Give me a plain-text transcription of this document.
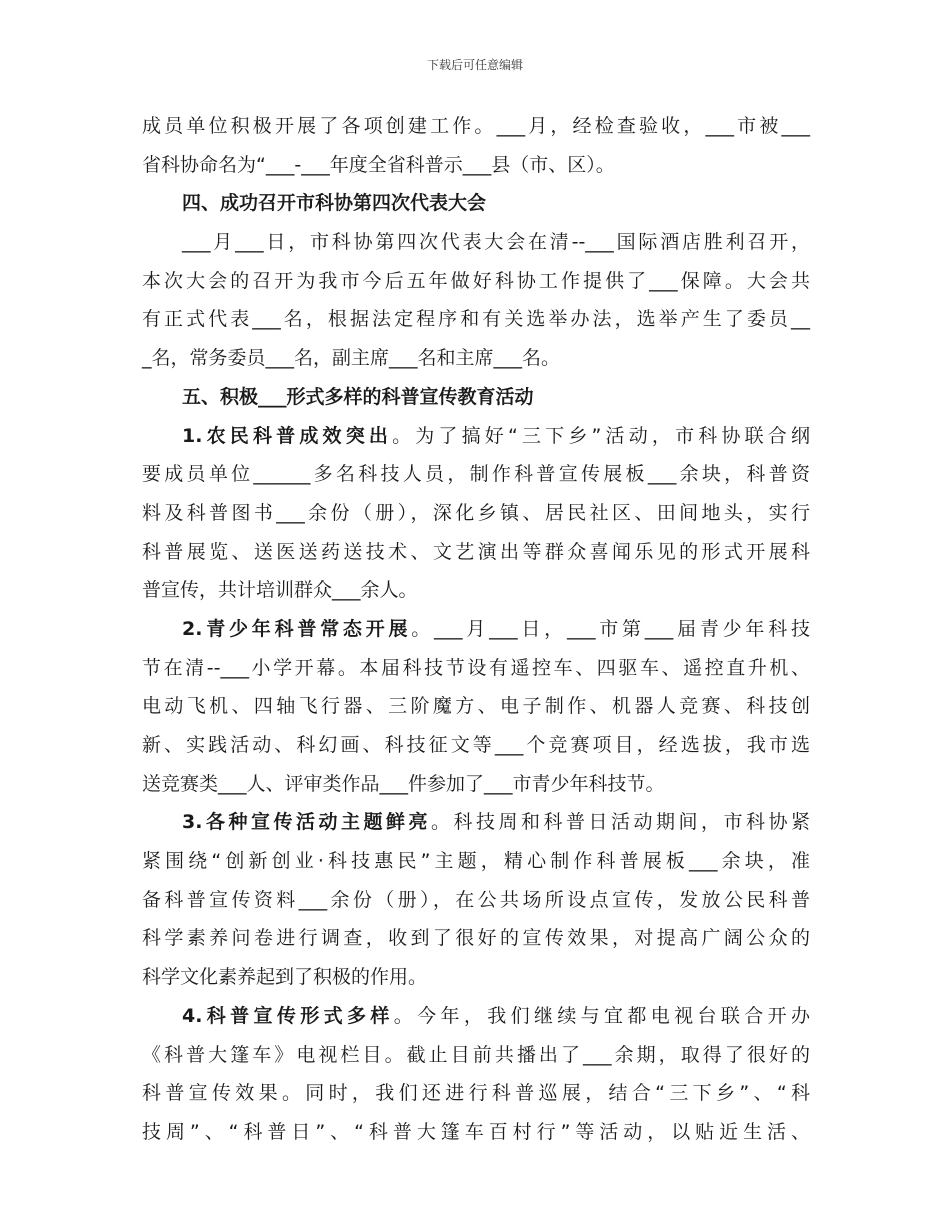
下载后可任意编辑
成员单位积极开展了各项创建工作。___月，经检查验收，___市被___
省科协命名为“___-___年度全省科普示___县（市、区）。
四、成功召开市科协第四次代表大会
___月___日，市科协第四次代表大会在清--___国际酒店胜利召开，
本次大会的召开为我市今后五年做好科协工作提供了___保障。大会共
有正式代表___名，根据法定程序和有关选举办法，选举产生了委员__
_名，常务委员___名，副主席___名和主席___名。
五、积极___形式多样的科普宣传教育活动
1.农民科普成效突出。为了搞好“三下乡”活动，市科协联合纲
要成员单位______多名科技人员，制作科普宣传展板___余块，科普资
料及科普图书___余份（册），深化乡镇、居民社区、田间地头，实行
科普展览、送医送药送技术、文艺演出等群众喜闻乐见的形式开展科
普宣传，共计培训群众___余人。
2.青少年科普常态开展。___月___日，___市第___届青少年科技
节在清--___小学开幕。本届科技节设有遥控车、四驱车、遥控直升机、
电动飞机、四轴飞行器、三阶魔方、电子制作、机器人竞赛、科技创
新、实践活动、科幻画、科技征文等___个竞赛项目，经选拔，我市选
送竞赛类___人、评审类作品___件参加了___市青少年科技节。
3.各种宣传活动主题鲜亮。科技周和科普日活动期间，市科协紧
紧围绕“创新创业·科技惠民”主题，精心制作科普展板___余块，准
备科普宣传资料___余份（册），在公共场所设点宣传，发放公民科普
科学素养问卷进行调查，收到了很好的宣传效果，对提高广阔公众的
科学文化素养起到了积极的作用。
4.科普宣传形式多样。今年，我们继续与宜都电视台联合开办
《科普大篷车》电视栏目。截止目前共播出了___余期，取得了很好的
科普宣传效果。同时，我们还进行科普巡展，结合“三下乡”、“科
技周”、“科普日”、“科普大篷车百村行”等活动，以贴近生活、
